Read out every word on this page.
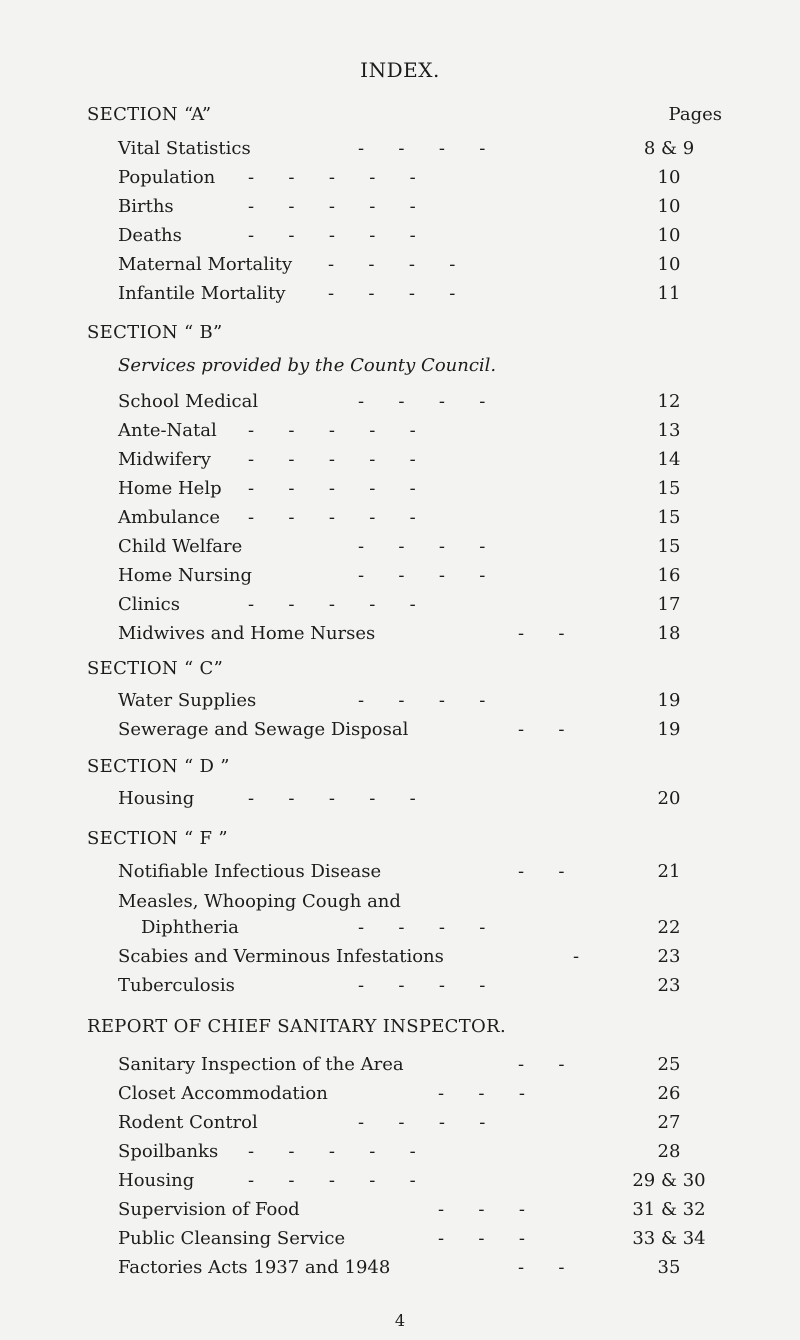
INDEX.
SECTION “A”	Pages
Vital Statistics	-      -      -      -	8 & 9
Population -      -      -      -      -	10
Births	-      -      -      -      -	10
Deaths	-      -      -      -      -	10
Maternal Mortality -      -      -      -	10
Infantile Mortality -      -      -      -	11
SECTION “ B”
Services provided by the County Council.
School Medical	-      -      -      -	12
Ante-Natal -      -      -      -      -	13
Midwifery -      -      -      -      -	14
Home Help -      -      -      -      -	15
Ambulance -      -      -      -      -	15
Child Welfare	-      -      -      -	15
Home Nursing	-      -      -      -	16
Clinics	-      -      -      -      -	17
Midwives and Home Nurses	-      -	18
SECTION “ C”
Water Supplies	-      -      -      -	19
Sewerage and Sewage Disposal	-      -	19
SECTION “ D ”
Housing	-      -      -      -      -	20
SECTION “ F ”
Notifiable Infectious Disease	-      -	21
Measles, Whooping Cough and
Diphtheria	-      -      -      -	22
Scabies and Verminous Infestations	-	23
Tuberculosis	-      -      -      -	23
REPORT OF CHIEF SANITARY INSPECTOR.
Sanitary Inspection of the Area	-      -	25
Closet Accommodation	-      -      -	26
Rodent Control	-      -      -      -	27
Spoilbanks -      -      -      -      -	28
Housing	-      -      -      -      -	29 & 30
Supervision of Food	-      -      -	31 & 32
Public Cleansing Service	-      -      -	33 & 34
Factories Acts 1937 and 1948	-      -	35
4
